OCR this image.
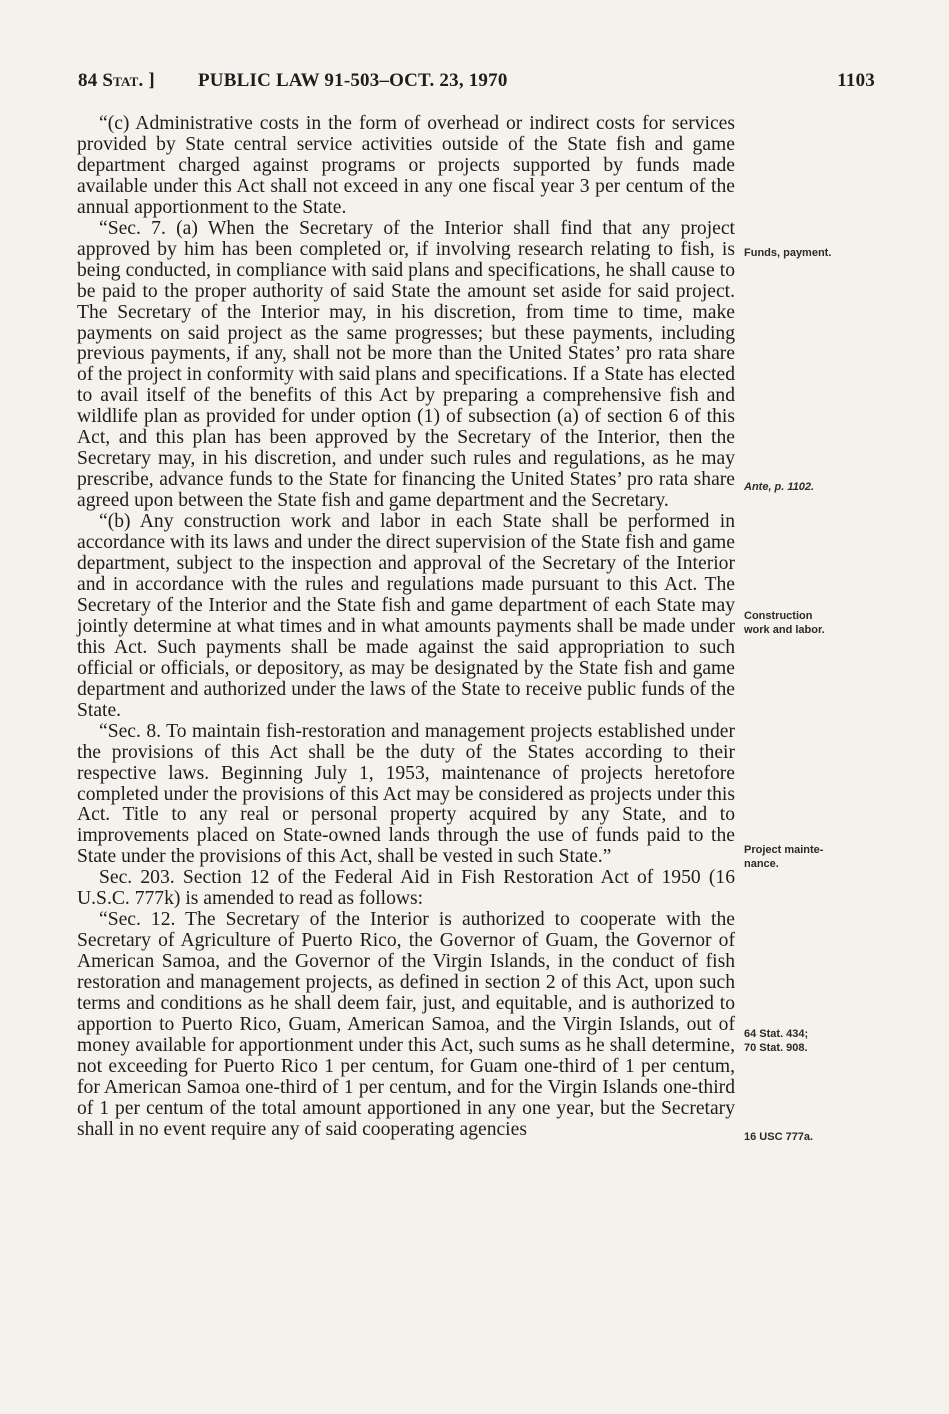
84 Stat. ] PUBLIC LAW 91-503–OCT. 23, 1970	1103

“(c) Administrative costs in the form of overhead or indirect costs for services provided by State central service activities outside of the State fish and game department charged against programs or projects supported by funds made available under this Act shall not exceed in any one fiscal year 3 per centum of the annual apportionment to the State.

“Sec. 7. (a) When the Secretary of the Interior shall find that any project approved by him has been completed or, if involving research relating to fish, is being conducted, in compliance with said plans and specifications, he shall cause to be paid to the proper authority of said State the amount set aside for said project. The Secretary of the Interior may, in his discretion, from time to time, make payments on said project as the same progresses; but these payments, including previous payments, if any, shall not be more than the United States’ pro rata share of the project in conformity with said plans and specifications. If a State has elected to avail itself of the benefits of this Act by preparing a comprehensive fish and wildlife plan as provided for under option (1) of subsection (a) of section 6 of this Act, and this plan has been approved by the Secretary of the Interior, then the Secretary may, in his discretion, and under such rules and regulations, as he may prescribe, advance funds to the State for financing the United States’ pro rata share agreed upon between the State fish and game department and the Secretary.

“(b) Any construction work and labor in each State shall be performed in accordance with its laws and under the direct supervision of the State fish and game department, subject to the inspection and approval of the Secretary of the Interior and in accordance with the rules and regulations made pursuant to this Act. The Secretary of the Interior and the State fish and game department of each State may jointly determine at what times and in what amounts payments shall be made under this Act. Such payments shall be made against the said appropriation to such official or officials, or depository, as may be designated by the State fish and game department and authorized under the laws of the State to receive public funds of the State.

“Sec. 8. To maintain fish-restoration and management projects established under the provisions of this Act shall be the duty of the States according to their respective laws. Beginning July 1, 1953, maintenance of projects heretofore completed under the provisions of this Act may be considered as projects under this Act. Title to any real or personal property acquired by any State, and to improvements placed on State-owned lands through the use of funds paid to the State under the provisions of this Act, shall be vested in such State.”

Sec. 203. Section 12 of the Federal Aid in Fish Restoration Act of 1950 (16 U.S.C. 777k) is amended to read as follows:

“Sec. 12. The Secretary of the Interior is authorized to cooperate with the Secretary of Agriculture of Puerto Rico, the Governor of Guam, the Governor of American Samoa, and the Governor of the Virgin Islands, in the conduct of fish restoration and management projects, as defined in section 2 of this Act, upon such terms and conditions as he shall deem fair, just, and equitable, and is authorized to apportion to Puerto Rico, Guam, American Samoa, and the Virgin Islands, out of money available for apportionment under this Act, such sums as he shall determine, not exceeding for Puerto Rico 1 per centum, for Guam one-third of 1 per centum, for American Samoa one-third of 1 per centum, and for the Virgin Islands one-third of 1 per centum of the total amount apportioned in any one year, but the Secretary shall in no event require any of said cooperating agencies

Funds, payment.
Ante, p. 1102.
Construction
work and labor.
Project mainte-
nance.
64 Stat. 434;
70 Stat. 908.
16 USC 777a.
